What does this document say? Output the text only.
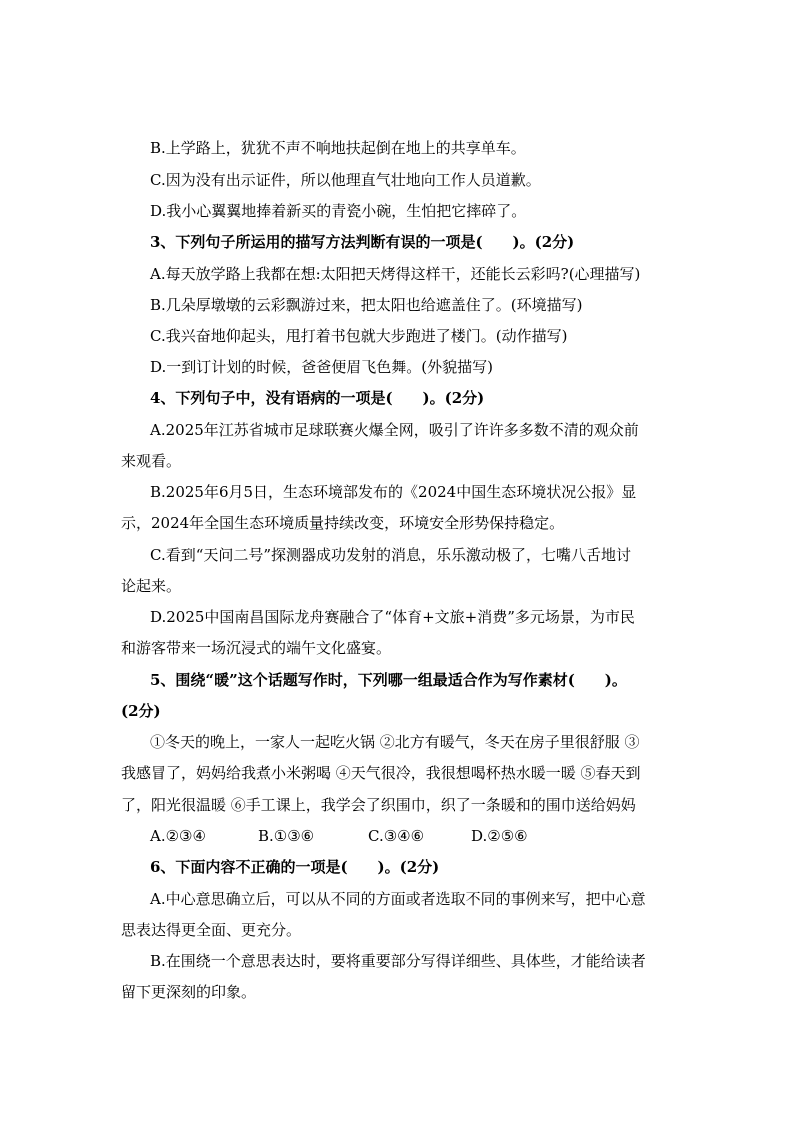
B.上学路上，犹犹不声不响地扶起倒在地上的共享单车。
C.因为没有出示证件，所以他理直气壮地向工作人员道歉。
D.我小心翼翼地捧着新买的青瓷小碗，生怕把它摔碎了。
3、下列句子所运用的描写方法判断有误的一项是(　　)。(2分)
A.每天放学路上我都在想:太阳把天烤得这样干，还能长云彩吗?(心理描写)
B.几朵厚墩墩的云彩飘游过来，把太阳也给遮盖住了。(环境描写)
C.我兴奋地仰起头，甩打着书包就大步跑进了楼门。(动作描写)
D.一到订计划的时候，爸爸便眉飞色舞。(外貌描写)
4、下列句子中，没有语病的一项是(　　)。(2分)
A.2025年江苏省城市足球联赛火爆全网，吸引了许许多多数不清的观众前
来观看。
B.2025年6月5日，生态环境部发布的《2024中国生态环境状况公报》显
示，2024年全国生态环境质量持续改变，环境安全形势保持稳定。
C.看到“天问二号”探测器成功发射的消息，乐乐激动极了，七嘴八舌地讨
论起来。
D.2025中国南昌国际龙舟赛融合了“体育+文旅+消费”多元场景，为市民
和游客带来一场沉浸式的端午文化盛宴。
5、围绕“暖”这个话题写作时，下列哪一组最适合作为写作素材(　　)。
(2分)
①冬天的晚上，一家人一起吃火锅 ②北方有暖气，冬天在房子里很舒服 ③
我感冒了，妈妈给我煮小米粥喝 ④天气很冷，我很想喝杯热水暖一暖 ⑤春天到
了，阳光很温暖 ⑥手工课上，我学会了织围巾，织了一条暖和的围巾送给妈妈
A.②③④	B.①③⑥	C.③④⑥	D.②⑤⑥
6、下面内容不正确的一项是(　　)。(2分)
A.中心意思确立后，可以从不同的方面或者选取不同的事例来写，把中心意
思表达得更全面、更充分。
B.在围绕一个意思表达时，要将重要部分写得详细些、具体些，才能给读者
留下更深刻的印象。
